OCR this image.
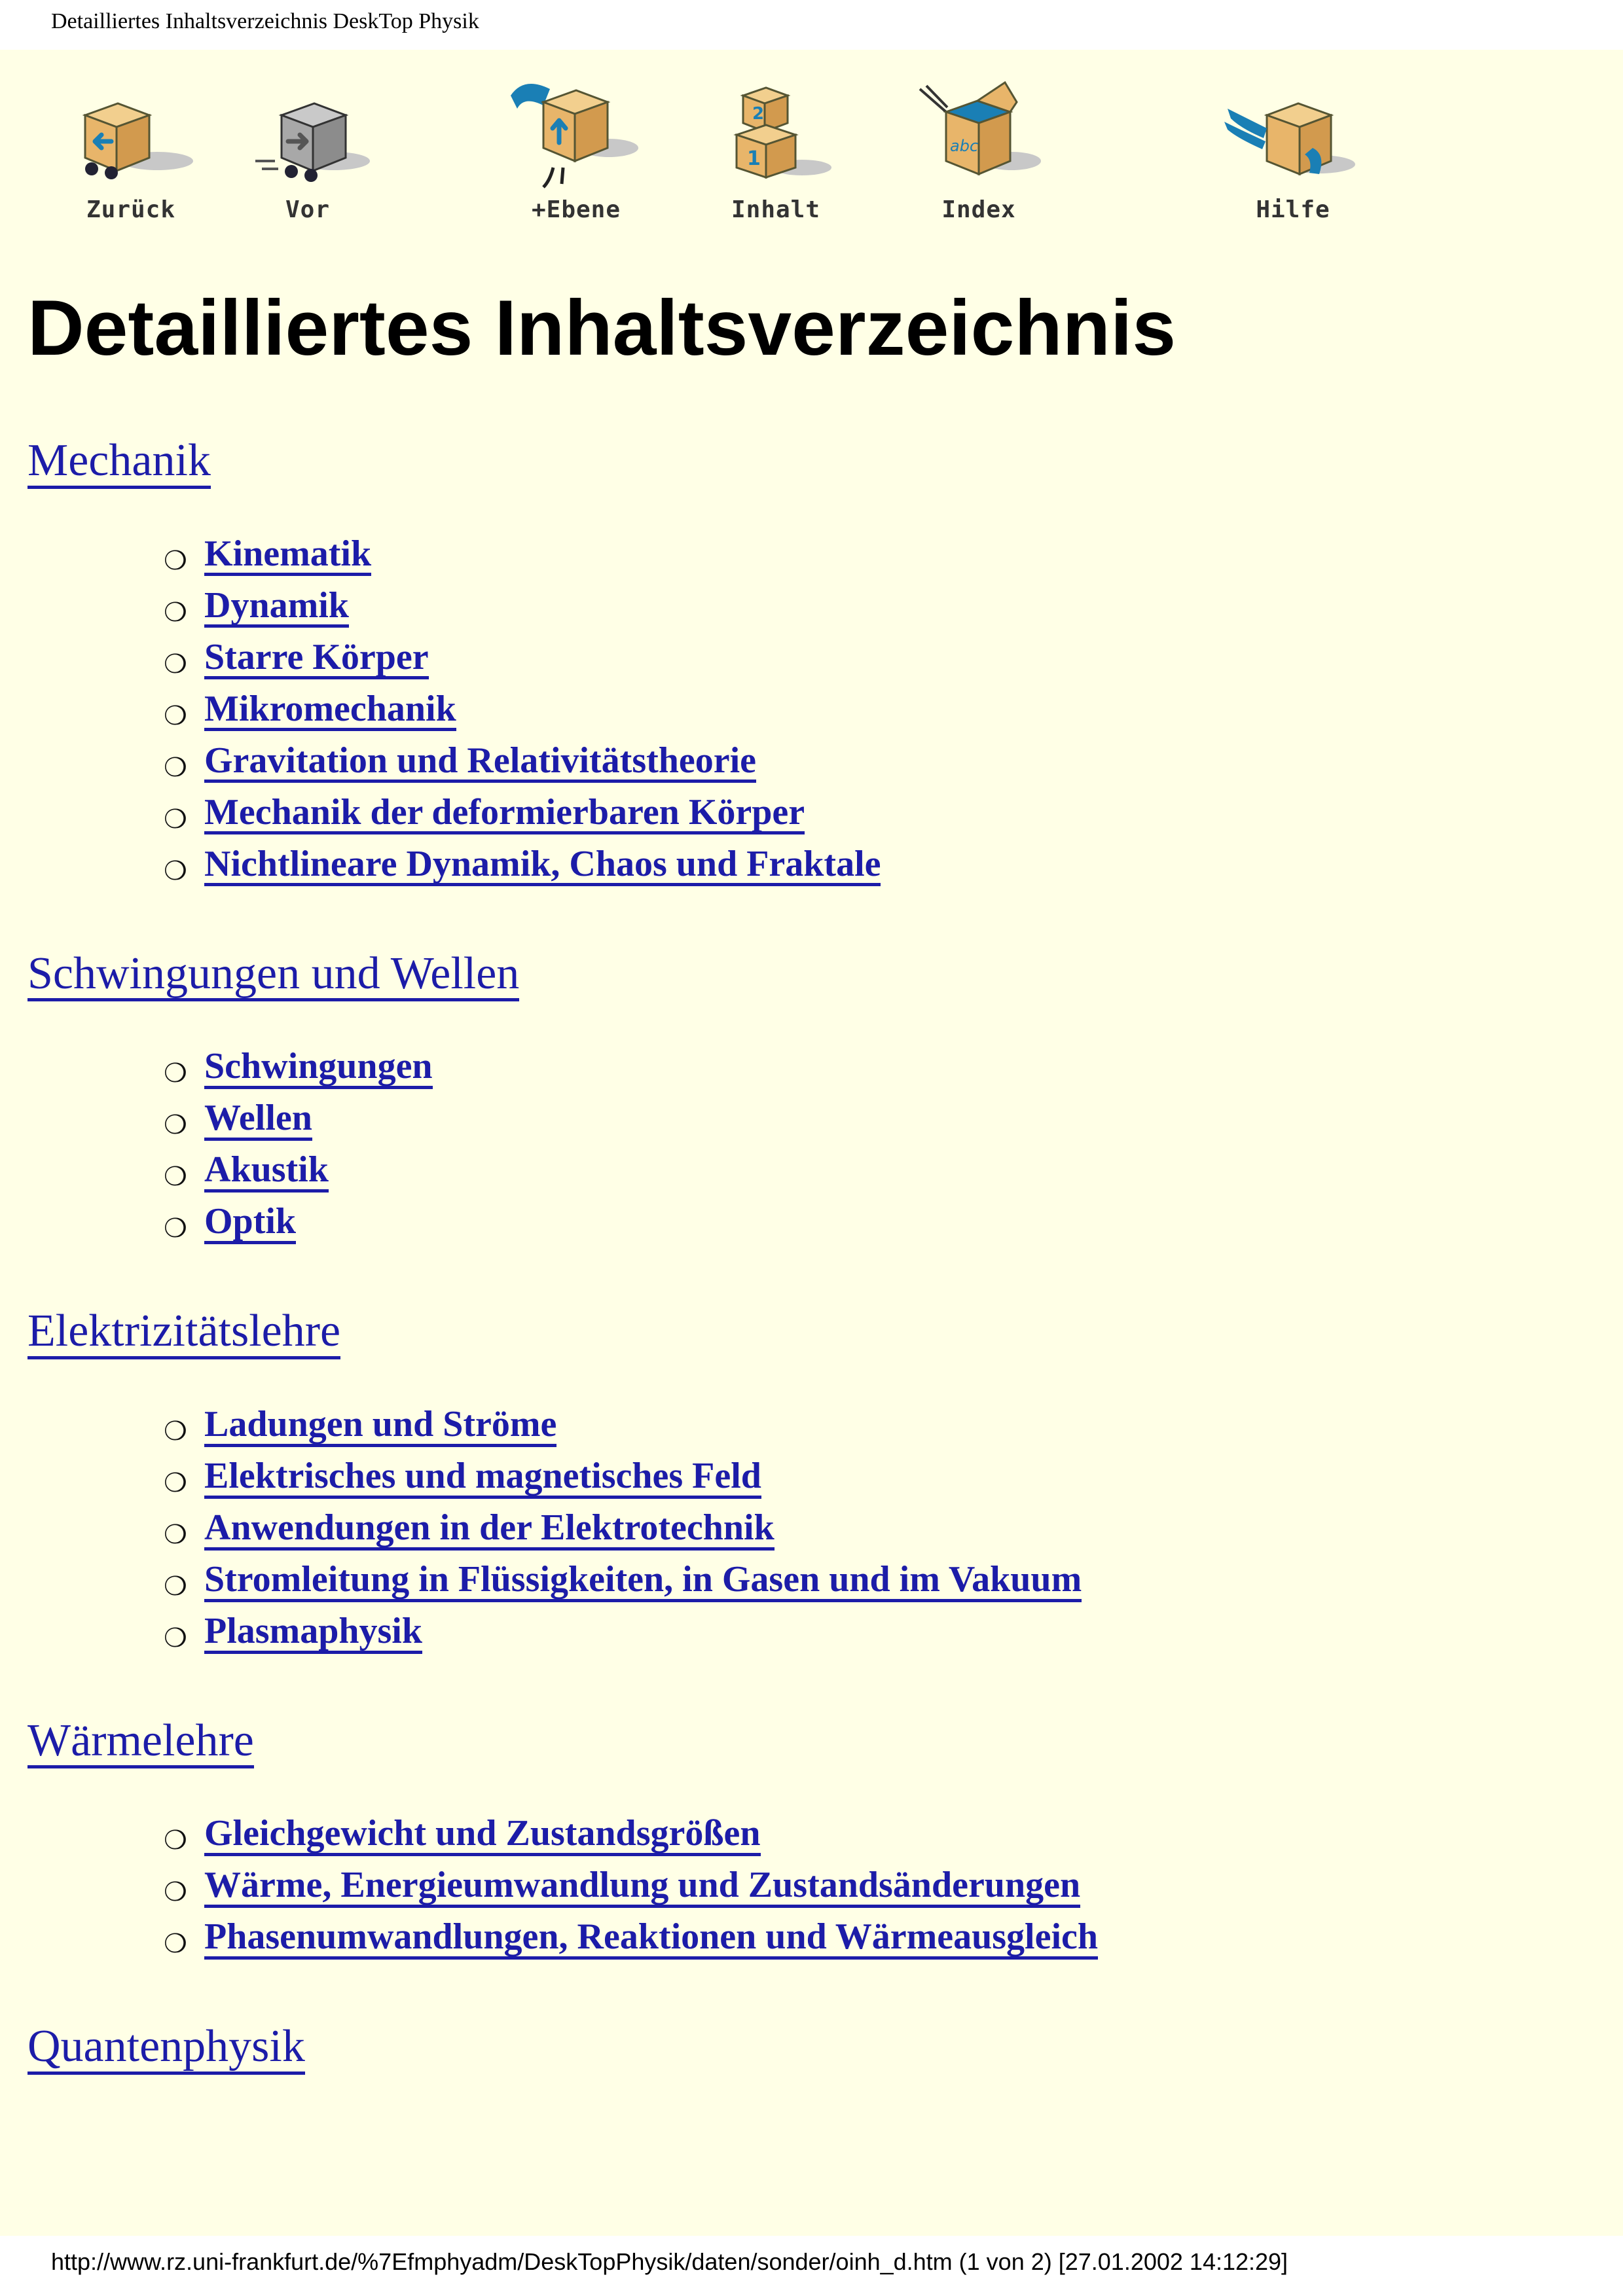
Detailliertes Inhaltsverzeichnis DeskTop Physik
Zurück	Vor	+Ebene
2
1
Inhalt
abc
Index	Hilfe
Detailliertes Inhaltsverzeichnis
Mechanik
❍ Kinematik
❍ Dynamik
❍ Starre Körper
❍ Mikromechanik
❍ Gravitation und Relativitätstheorie
❍ Mechanik der deformierbaren Körper
❍ Nichtlineare Dynamik, Chaos und Fraktale
Schwingungen und Wellen
❍ Schwingungen
❍ Wellen
❍ Akustik
❍ Optik
Elektrizitätslehre
❍ Ladungen und Ströme
❍ Elektrisches und magnetisches Feld
❍ Anwendungen in der Elektrotechnik
❍ Stromleitung in Flüssigkeiten, in Gasen und im Vakuum
❍ Plasmaphysik
Wärmelehre
❍ Gleichgewicht und Zustandsgrößen
❍ Wärme, Energieumwandlung und Zustandsänderungen
❍ Phasenumwandlungen, Reaktionen und Wärmeausgleich
Quantenphysik
http://www.rz.uni-frankfurt.de/%7Efmphyadm/DeskTopPhysik/daten/sonder/oinh_d.htm (1 von 2) [27.01.2002 14:12:29]
